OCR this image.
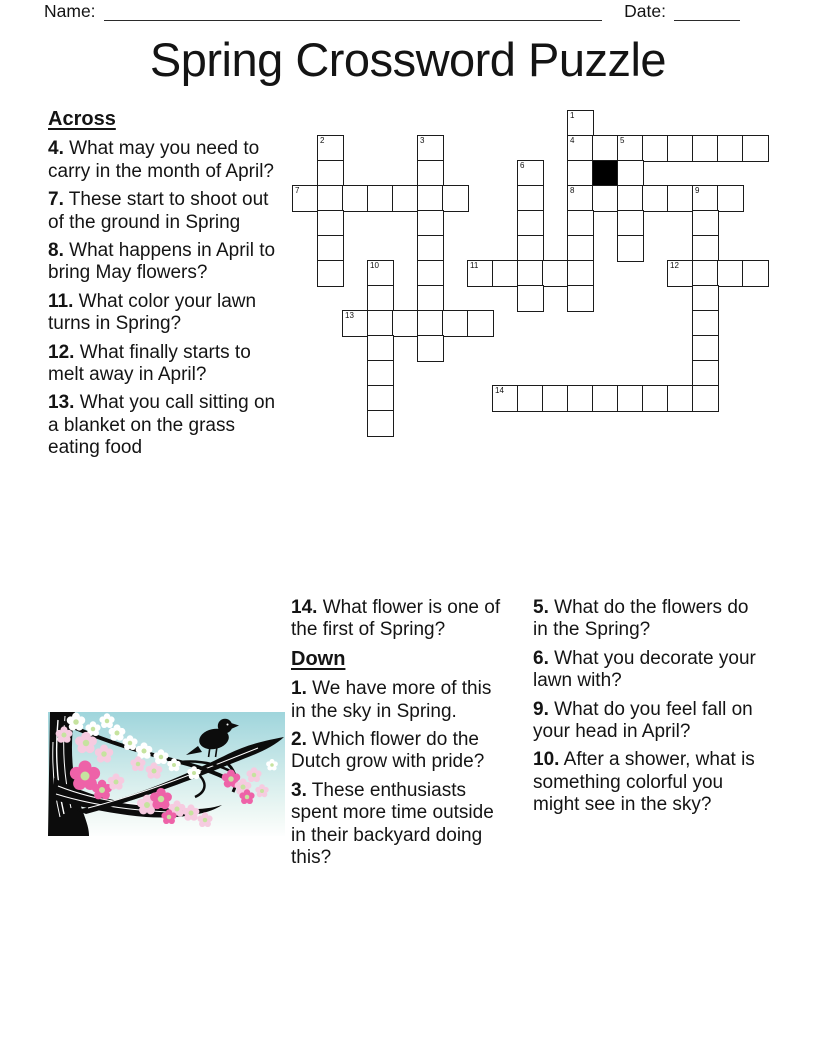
Name:	Date:
Spring Crossword Puzzle

Across

4. What may you need to carry in the month of April?

7. These start to shoot out of the ground in Spring

8. What happens in April to bring May flowers?

11. What color your lawn turns in Spring?

12. What finally starts to melt away in April?

13. What you call sitting on a blanket on the grass eating food

1
2	3	4	5
6
7	8	9
10	11	12
13
14

14. What flower is one of the first of Spring?

Down

1. We have more of this in the sky in Spring.

2. Which flower do the Dutch grow with pride?

3. These enthusiasts spent more time outside in their backyard doing this?

5. What do the flowers do in the Spring?

6. What you decorate your lawn with?

9. What do you feel fall on your head in April?

10. After a shower, what is something colorful you might see in the sky?
